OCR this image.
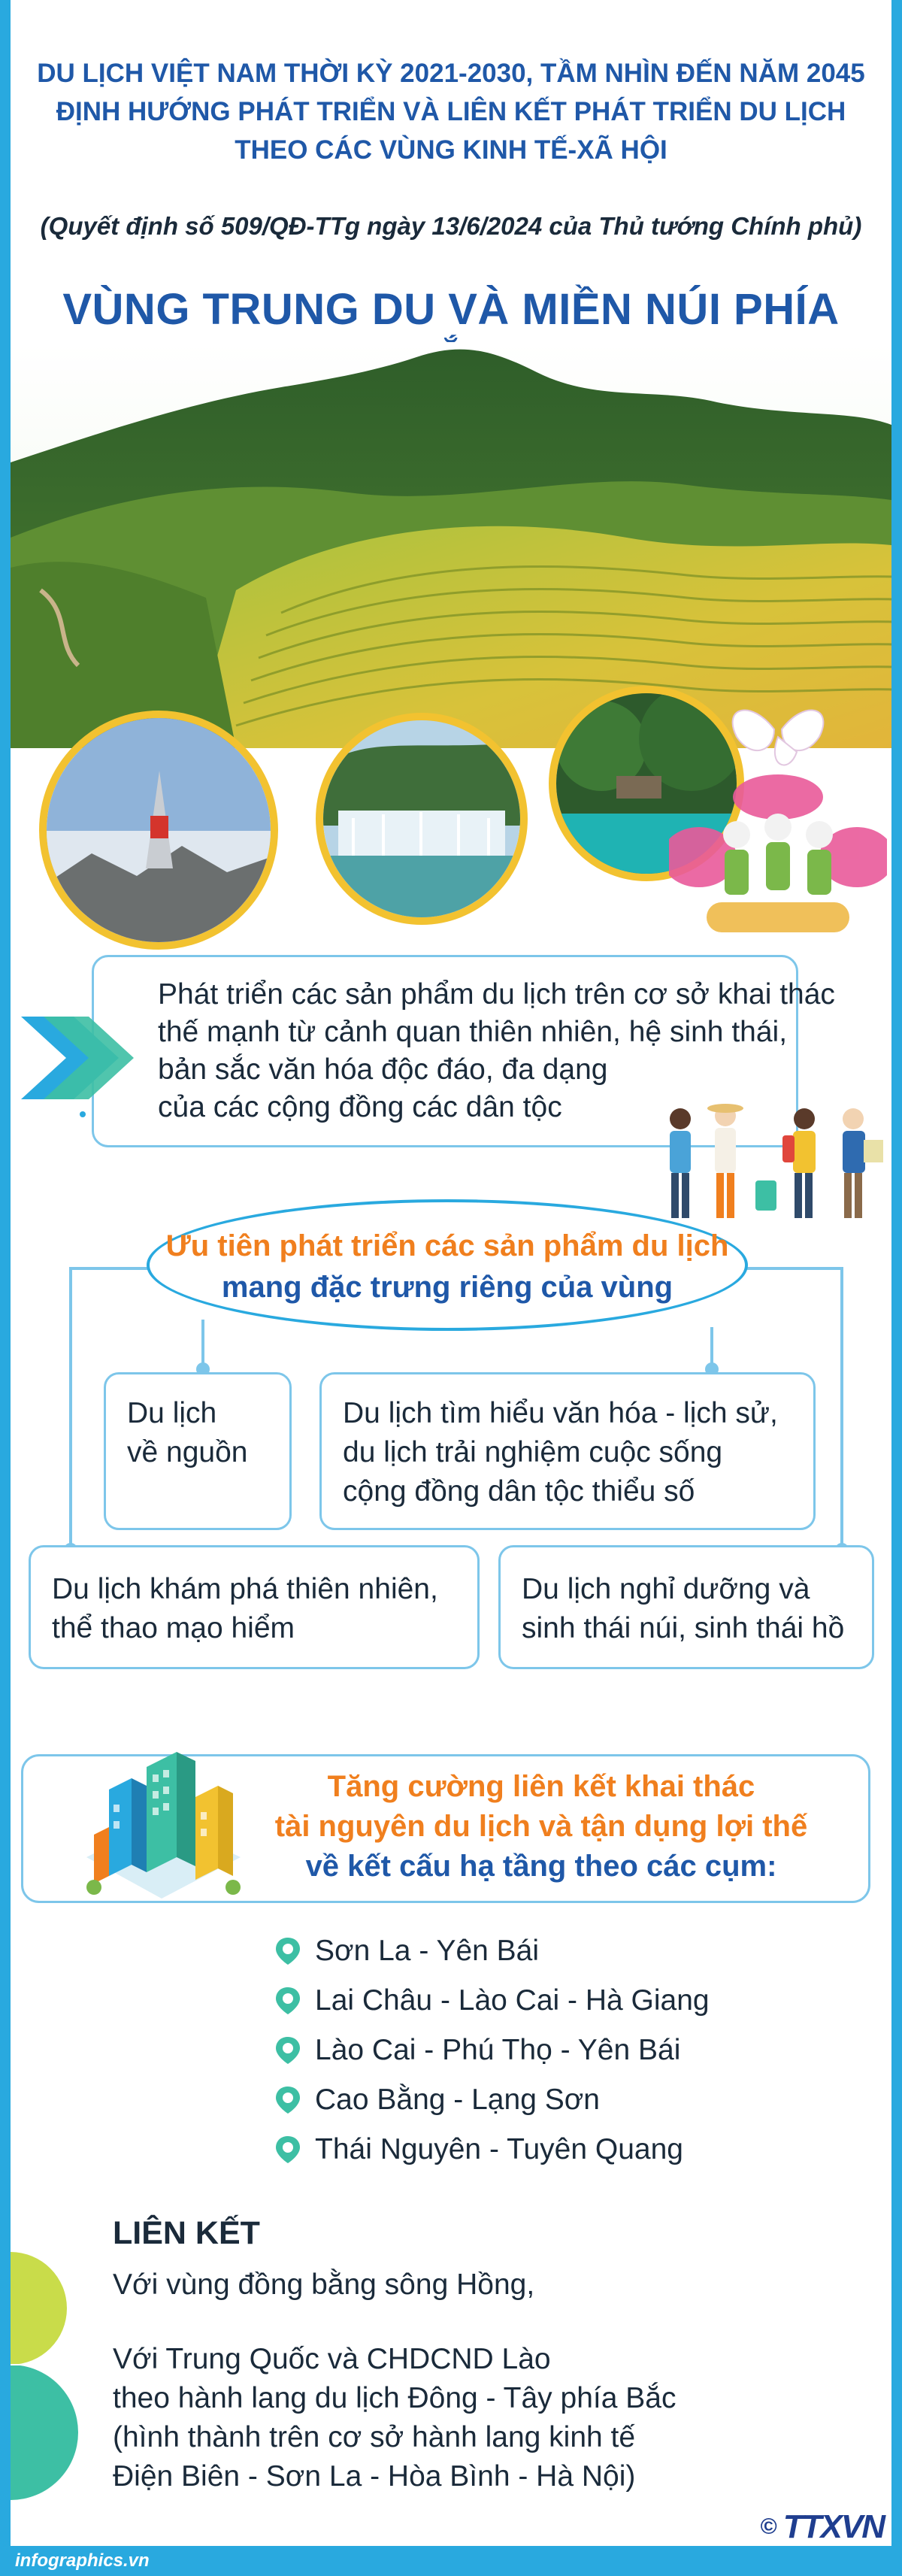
DU LỊCH VIỆT NAM THỜI KỲ 2021-2030, TẦM NHÌN ĐẾN NĂM 2045
ĐỊNH HƯỚNG PHÁT TRIỂN VÀ LIÊN KẾT PHÁT TRIỂN DU LỊCH
THEO CÁC VÙNG KINH TẾ-XÃ HỘI
(Quyết định số 509/QĐ-TTg ngày 13/6/2024 của Thủ tướng Chính phủ)
VÙNG TRUNG DU VÀ MIỀN NÚI PHÍA
Phát triển các sản phẩm du lịch trên cơ sở khai thác
thế mạnh từ cảnh quan thiên nhiên, hệ sinh thái,
bản sắc văn hóa độc đáo, đa dạng
của các cộng đồng các dân tộc
Ưu tiên phát triển các sản phẩm du lịch
mang đặc trưng riêng của vùng
Du lịch
về nguồn
Du lịch tìm hiểu văn hóa - lịch sử,
du lịch trải nghiệm cuộc sống
cộng đồng dân tộc thiểu số
Du lịch khám phá thiên nhiên,
thể thao mạo hiểm
Du lịch nghỉ dưỡng và
sinh thái núi, sinh thái hồ
Tăng cường liên kết khai thác
tài nguyên du lịch và tận dụng lợi thế
về kết cấu hạ tầng theo các cụm:
Sơn La - Yên Bái
Lai Châu - Lào Cai - Hà Giang
Lào Cai - Phú Thọ - Yên Bái
Cao Bằng - Lạng Sơn
Thái Nguyên - Tuyên Quang
LIÊN KẾT
Với vùng đồng bằng sông Hồng,
Với Trung Quốc và CHDCND Lào
theo hành lang du lịch Đông - Tây phía Bắc
(hình thành trên cơ sở hành lang kinh tế
Điện Biên - Sơn La - Hòa Bình - Hà Nội)
© TTXVN
infographics.vn
